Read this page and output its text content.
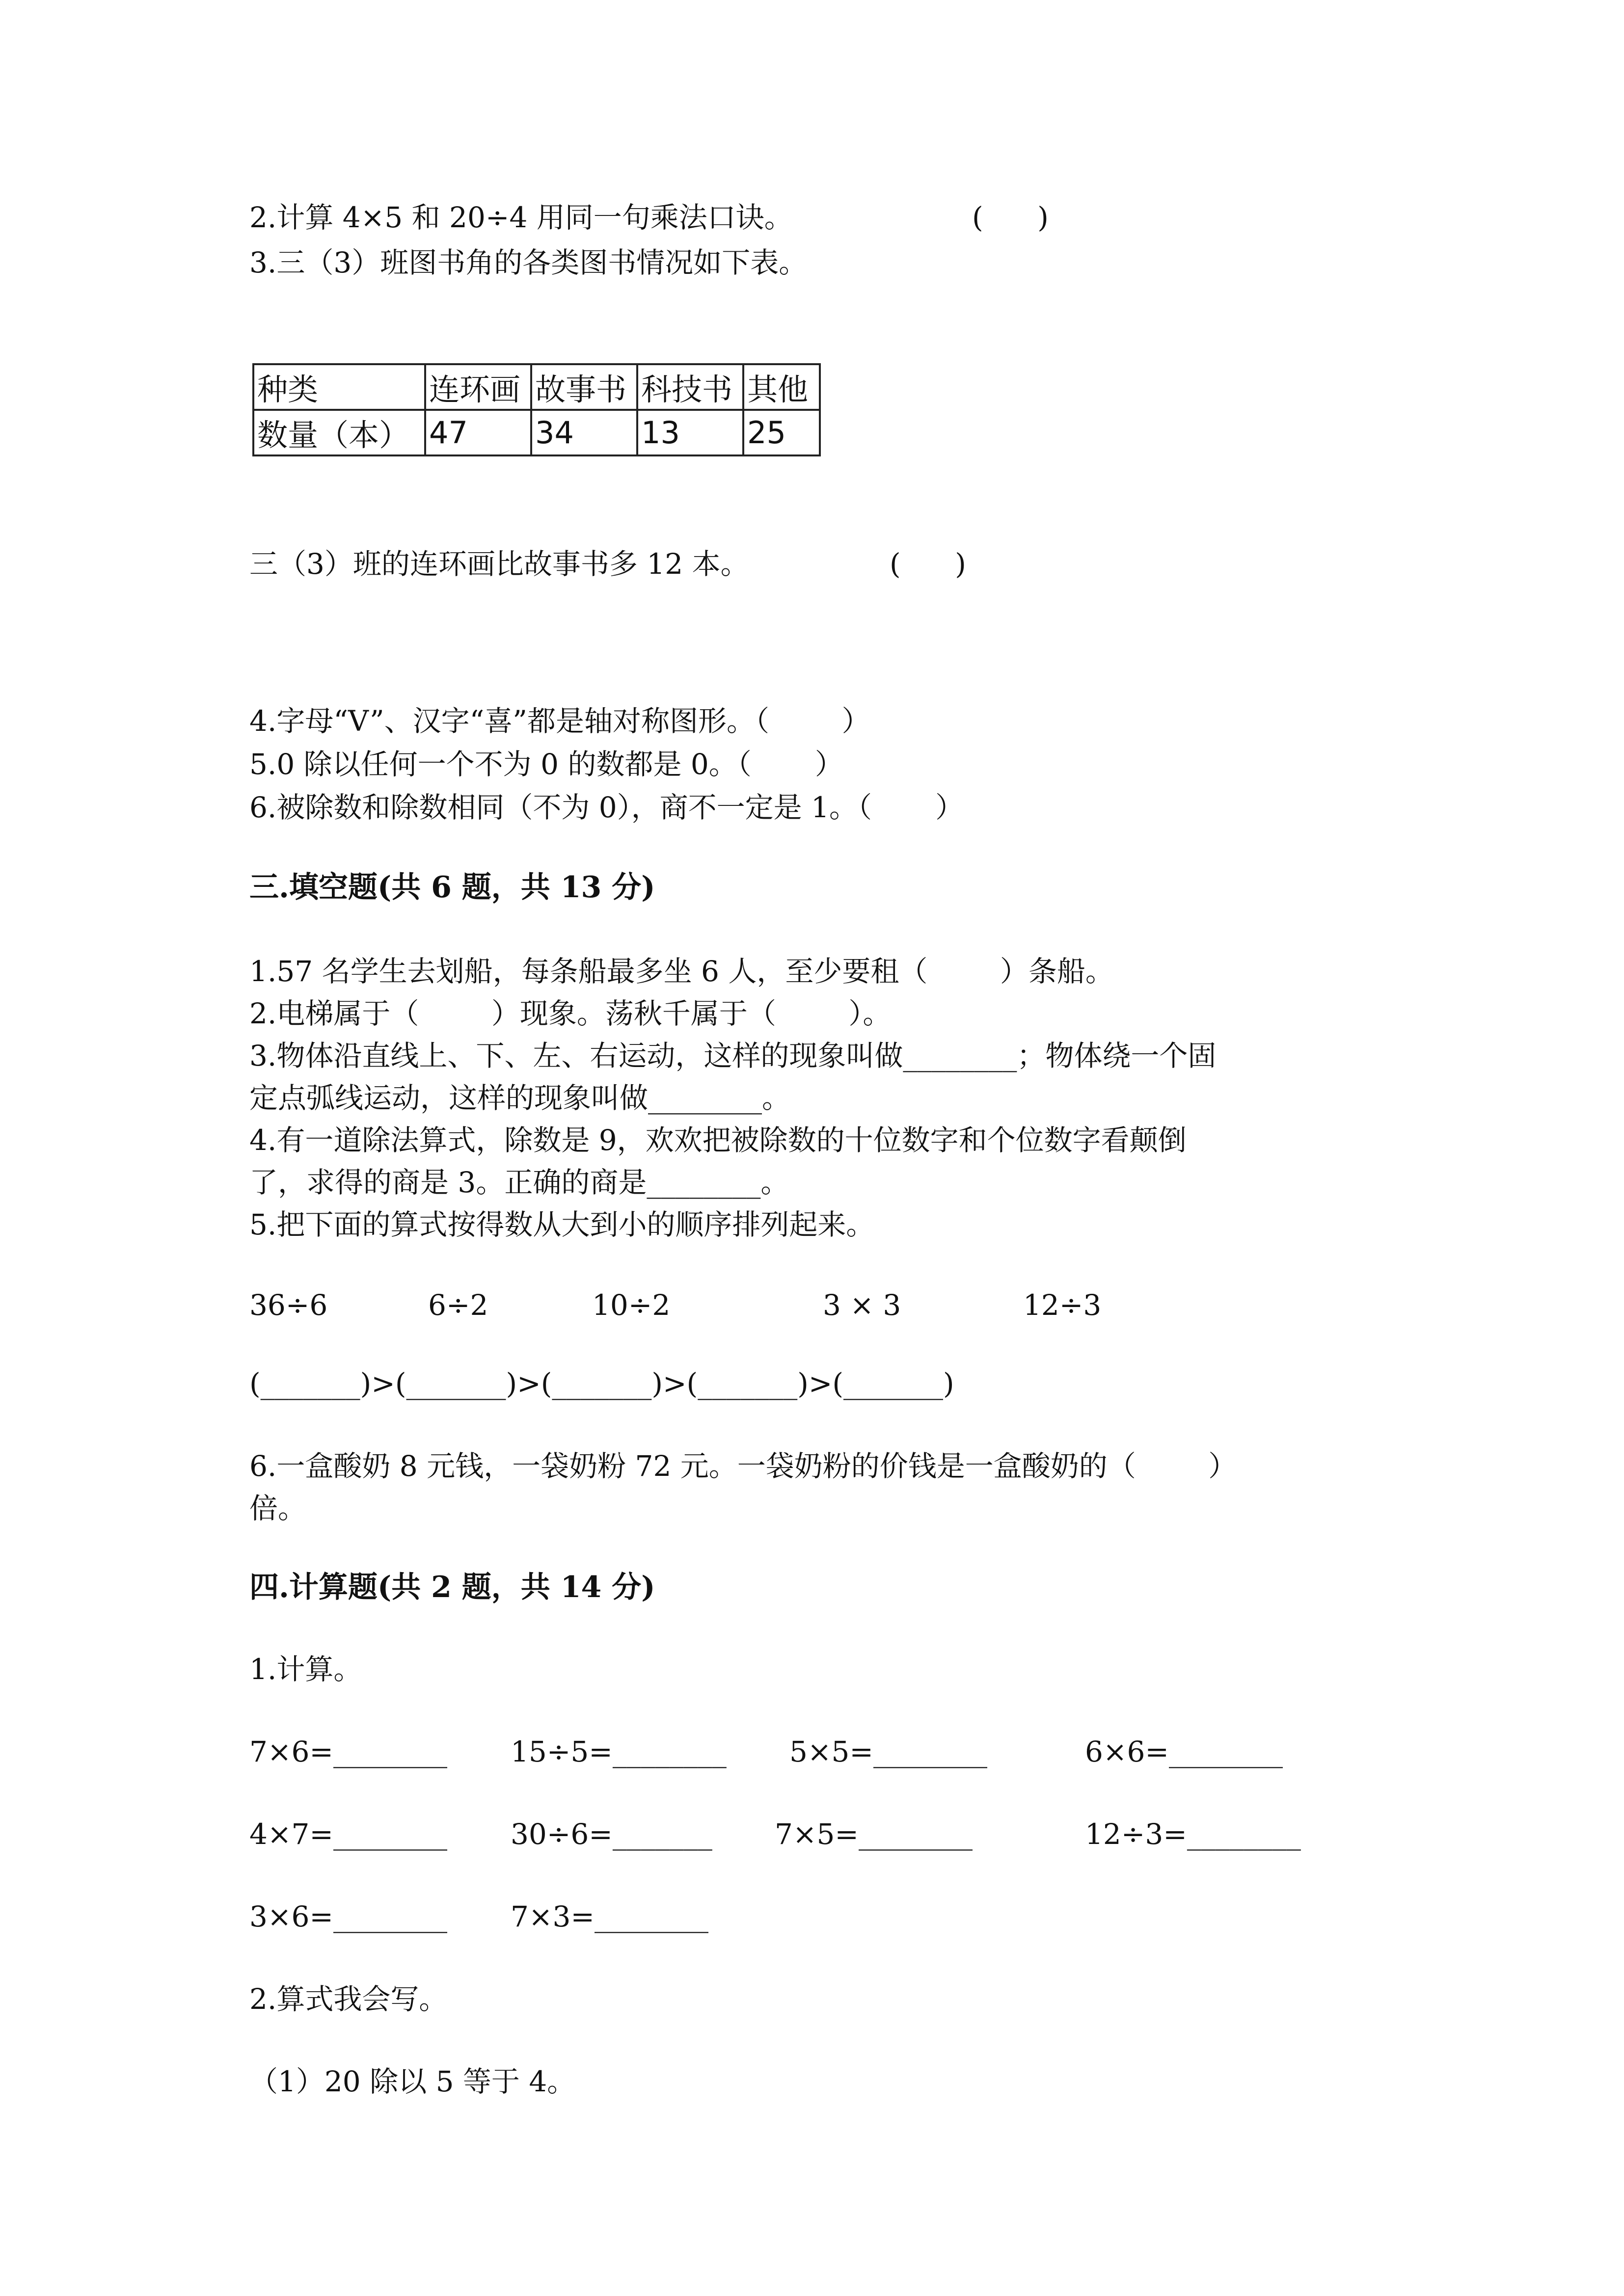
2.计算 4×5 和 20÷4 用同一句乘法口诀。	(      )
3.三（3）班图书角的各类图书情况如下表。
种类	连环画	故事书	科技书	其他
数量（本）	47	34	13	25
三（3）班的连环画比故事书多 12 本。	(      )
4.字母“V”、汉字“喜”都是轴对称图形。（        ）
5.0 除以任何一个不为 0 的数都是 0。（       ）
6.被除数和除数相同（不为 0），商不一定是 1。（       ）
三.填空题(共 6 题，共 13 分)
1.57 名学生去划船，每条船最多坐 6 人，至少要租（        ）条船。
2.电梯属于（        ）现象。荡秋千属于（        ）。
3.物体沿直线上、下、左、右运动，这样的现象叫做________；物体绕一个固
定点弧线运动，这样的现象叫做________。
4.有一道除法算式，除数是 9，欢欢把被除数的十位数字和个位数字看颠倒
了，求得的商是 3。正确的商是________。
5.把下面的算式按得数从大到小的顺序排列起来。
36÷6	6÷2	10÷2	3 × 3	12÷3
(_______)>(_______)>(_______)>(_______)>(_______)
6.一盒酸奶 8 元钱，一袋奶粉 72 元。一袋奶粉的价钱是一盒酸奶的（        ）
倍。
四.计算题(共 2 题，共 14 分)
1.计算。
7×6=________ 15÷5=________ 5×5=________	6×6=________
4×7=________ 30÷6=_______ 7×5=________	12÷3=________
3×6=________ 7×3=________
2.算式我会写。
（1）20 除以 5 等于 4。
